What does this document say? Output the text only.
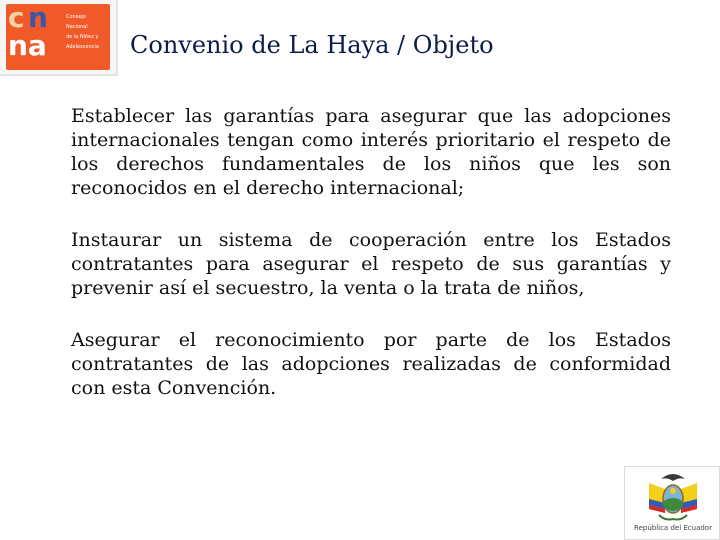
c n
na
Consejo
Nacional
de la Niñez y
Adolescencia	Convenio de La Haya / Objeto

Establecer las garantías para asegurar que las adopciones internacionales tengan como interés prioritario el respeto de los derechos fundamentales de los niños que les son reconocidos en el derecho internacional;

Instaurar un sistema de cooperación entre los Estados contratantes para asegurar el respeto de sus garantías y prevenir así el secuestro, la venta o la trata de niños,

Asegurar el reconocimiento por parte de los Estados contratantes de las adopciones realizadas de conformidad con esta Convención.

República del Ecuador
